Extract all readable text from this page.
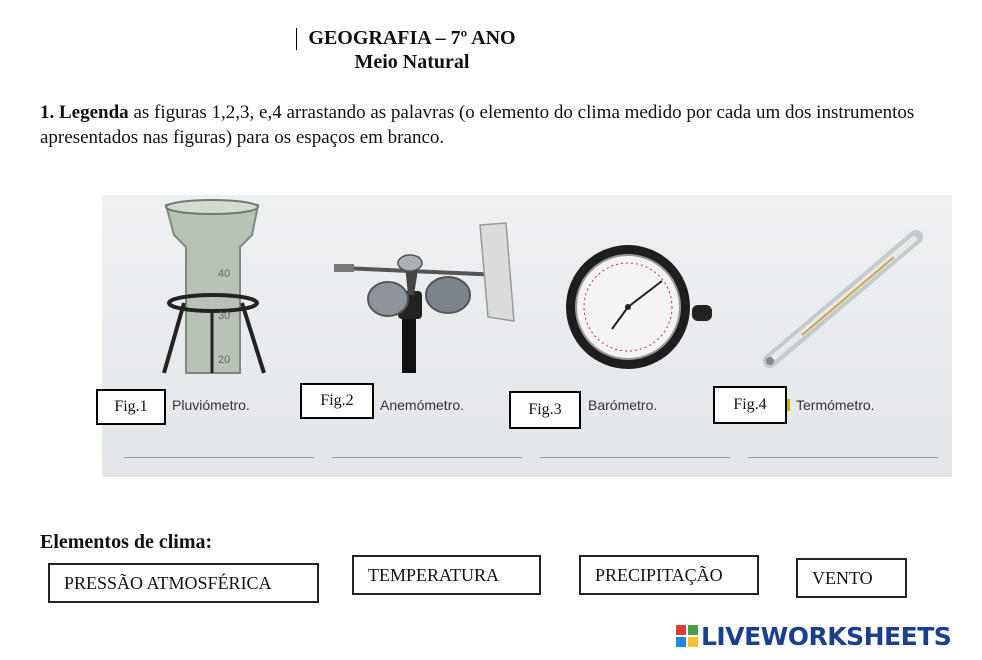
GEOGRAFIA – 7º ANO
Meio Natural
1. Legenda as figuras 1,2,3, e,4 arrastando as palavras (o elemento do clima medido por cada um dos instrumentos apresentados nas figuras) para os espaços em branco.
40
30
20
Pluviómetro.	Anemómetro.	Barómetro.	Termómetro.
Fig.1	Fig.2
Fig.3	Fig.4
Elementos de clima:
PRESSÃO ATMOSFÉRICA	TEMPERATURA	PRECIPITAÇÃO	VENTO
LIVEWORKSHEETS
